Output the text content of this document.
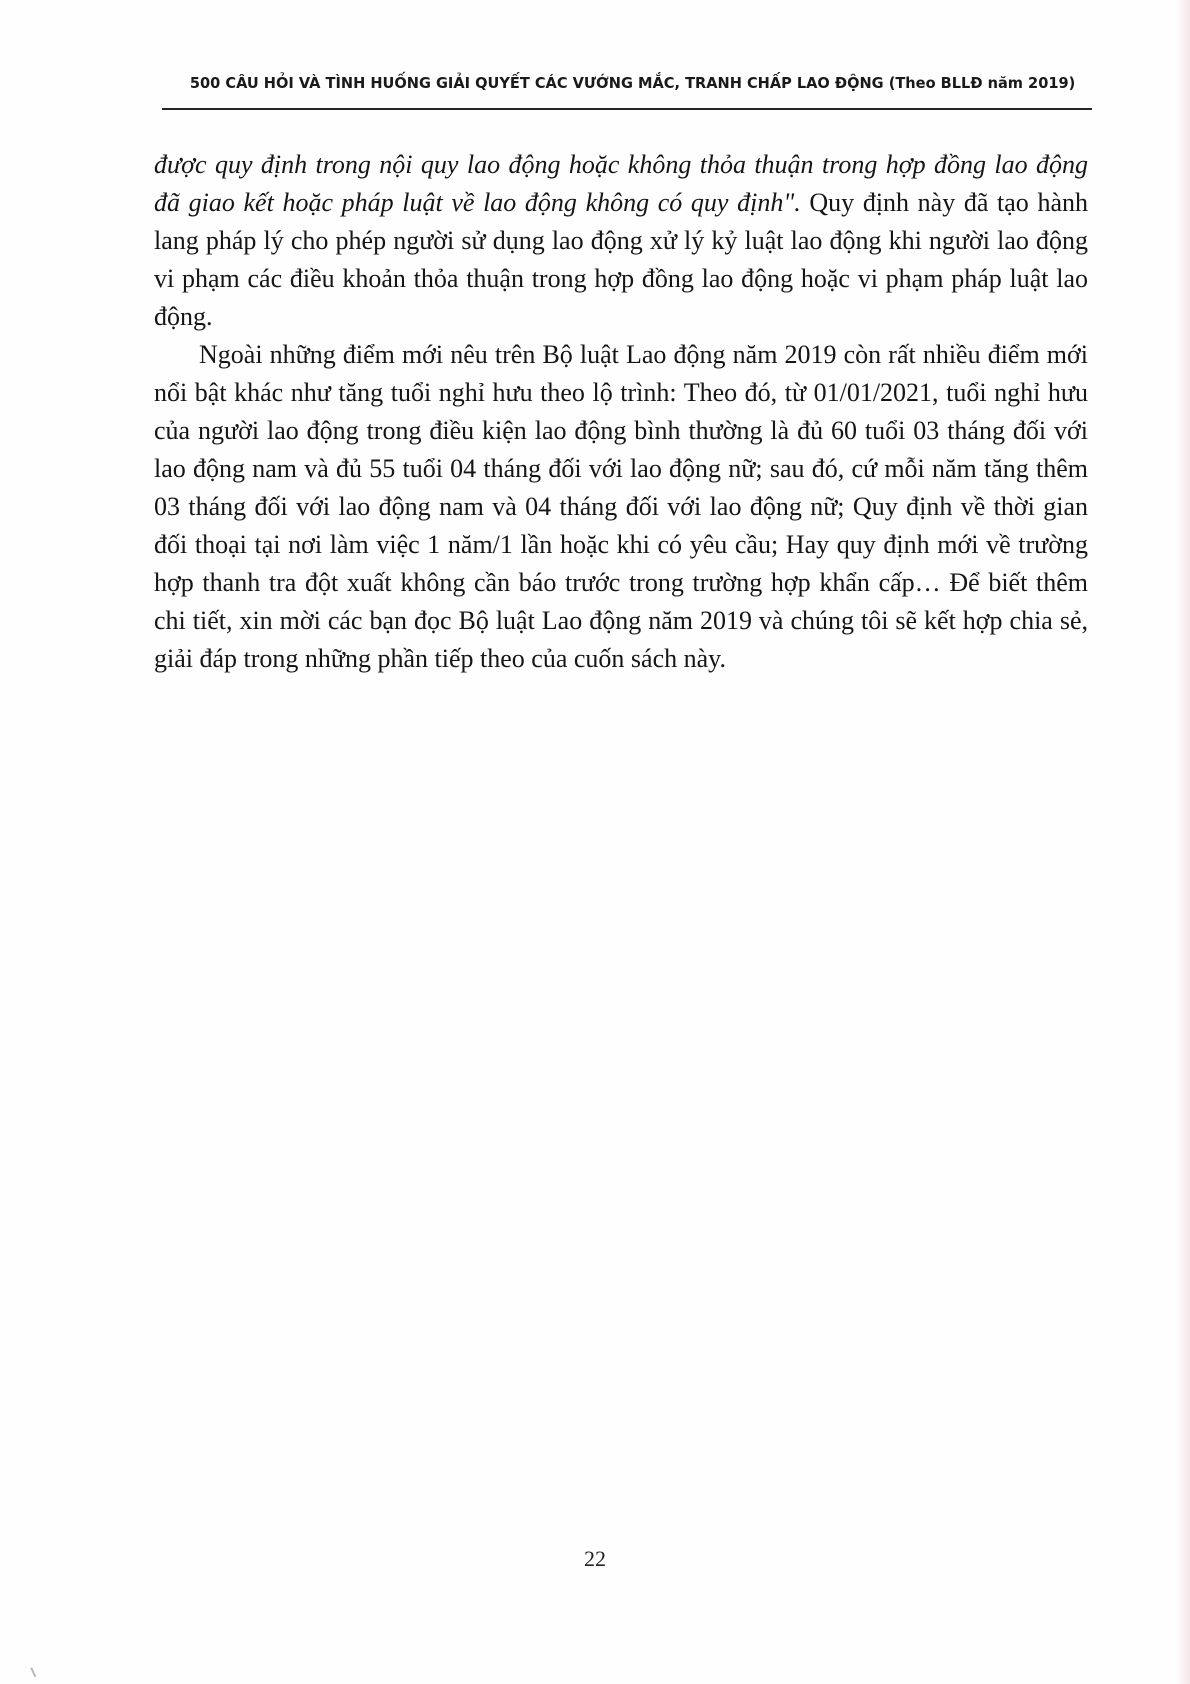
500 CÂU HỎI VÀ TÌNH HUỐNG GIẢI QUYẾT CÁC VƯỚNG MẮC, TRANH CHẤP LAO ĐỘNG (Theo BLLĐ năm 2019)

được quy định trong nội quy lao động hoặc không thỏa thuận trong hợp đồng lao động đã giao kết hoặc pháp luật về lao động không có quy định". Quy định này đã tạo hành lang pháp lý cho phép người sử dụng lao động xử lý kỷ luật lao động khi người lao động vi phạm các điều khoản thỏa thuận trong hợp đồng lao động hoặc vi phạm pháp luật lao động.

Ngoài những điểm mới nêu trên Bộ luật Lao động năm 2019 còn rất nhiều điểm mới nổi bật khác như tăng tuổi nghỉ hưu theo lộ trình: Theo đó, từ 01/01/2021, tuổi nghỉ hưu của người lao động trong điều kiện lao động bình thường là đủ 60 tuổi 03 tháng đối với lao động nam và đủ 55 tuổi 04 tháng đối với lao động nữ; sau đó, cứ mỗi năm tăng thêm 03 tháng đối với lao động nam và 04 tháng đối với lao động nữ; Quy định về thời gian đối thoại tại nơi làm việc 1 năm/1 lần hoặc khi có yêu cầu; Hay quy định mới về trường hợp thanh tra đột xuất không cần báo trước trong trường hợp khẩn cấp… Để biết thêm chi tiết, xin mời các bạn đọc Bộ luật Lao động năm 2019 và chúng tôi sẽ kết hợp chia sẻ, giải đáp trong những phần tiếp theo của cuốn sách này.

22
